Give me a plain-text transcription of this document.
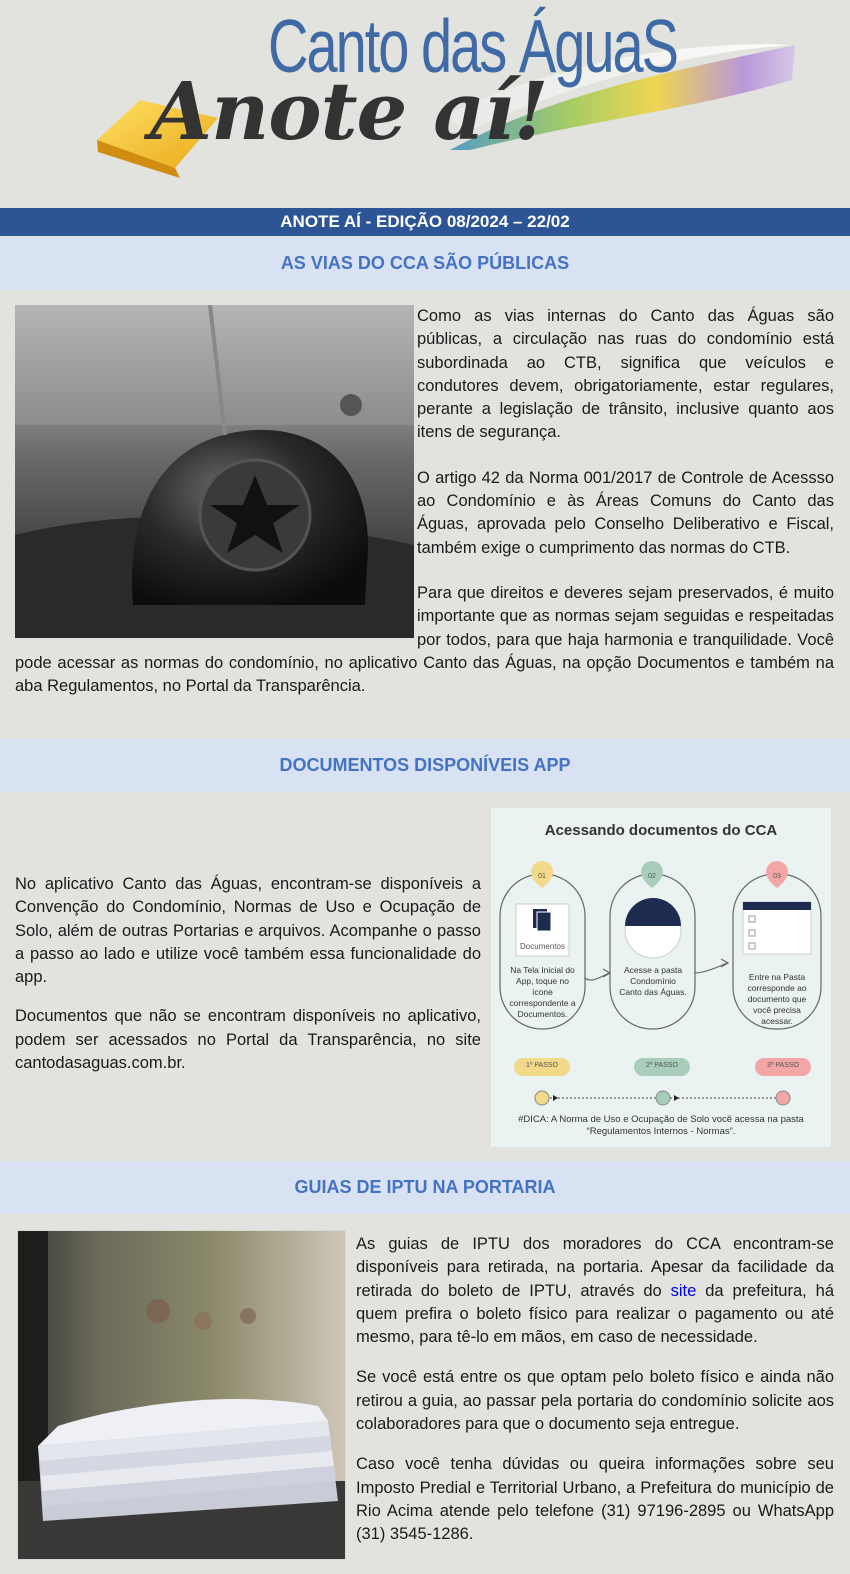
Canto das ÁguaS
Anote aí!
ANOTE AÍ - EDIÇÃO 08/2024 – 22/02
AS VIAS DO CCA SÃO PÚBLICAS

Como as vias internas do Canto das Águas são públicas, a circulação nas ruas do condomínio está subordinada ao CTB, significa que veículos e condutores devem, obrigatoriamente, estar regulares, perante a legislação de trânsito, inclusive quanto aos itens de segurança.

O artigo 42 da Norma 001/2017 de Controle de Acessso ao Condomínio e às Áreas Comuns do Canto das Águas, aprovada pelo Conselho Deliberativo e Fiscal, também exige o cumprimento das normas do CTB.

Para que direitos e deveres sejam preservados, é muito importante que as normas sejam seguidas e respeitadas por todos, para que haja harmonia e tranquilidade. Você pode acessar as normas do condomínio, no aplicativo Canto das Águas, na opção Documentos e também na aba Regulamentos, no Portal da Transparência.

DOCUMENTOS DISPONÍVEIS APP

No aplicativo Canto das Águas, encontram-se disponíveis a Convenção do Condomínio, Normas de Uso e Ocupação de Solo, além de outras Portarias e arquivos. Acompanhe o passo a passo ao lado e utilize você também essa funcionalidade do app.

Documentos que não se encontram disponíveis no aplicativo, podem ser acessados no Portal da Transparência, no site cantodasaguas.com.br.

Acessando documentos do CCA
01	02	03
Documentos
Na Tela Inicial do App, toque no ícone correspondente a Documentos.
Acesse a pasta Condomínio Canto das Águas.
Entre na Pasta corresponde ao documento que você precisa acessar.
1º PASSO	2º PASSO	3º PASSO
#DICA: A Norma de Uso e Ocupação de Solo você acessa na pasta “Regulamentos Internos - Normas”.
GUIAS DE IPTU NA PORTARIA

As guias de IPTU dos moradores do CCA encontram-se disponíveis para retirada, na portaria. Apesar da facilidade da retirada do boleto de IPTU, através do site da prefeitura, há quem prefira o boleto físico para realizar o pagamento ou até mesmo, para tê-lo em mãos, em caso de necessidade.

Se você está entre os que optam pelo boleto físico e ainda não retirou a guia, ao passar pela portaria do condomínio solicite aos colaboradores para que o documento seja entregue.

Caso você tenha dúvidas ou queira informações sobre seu Imposto Predial e Territorial Urbano, a Prefeitura do município de Rio Acima atende pelo telefone (31) 97196-2895 ou WhatsApp (31) 3545-1286.
